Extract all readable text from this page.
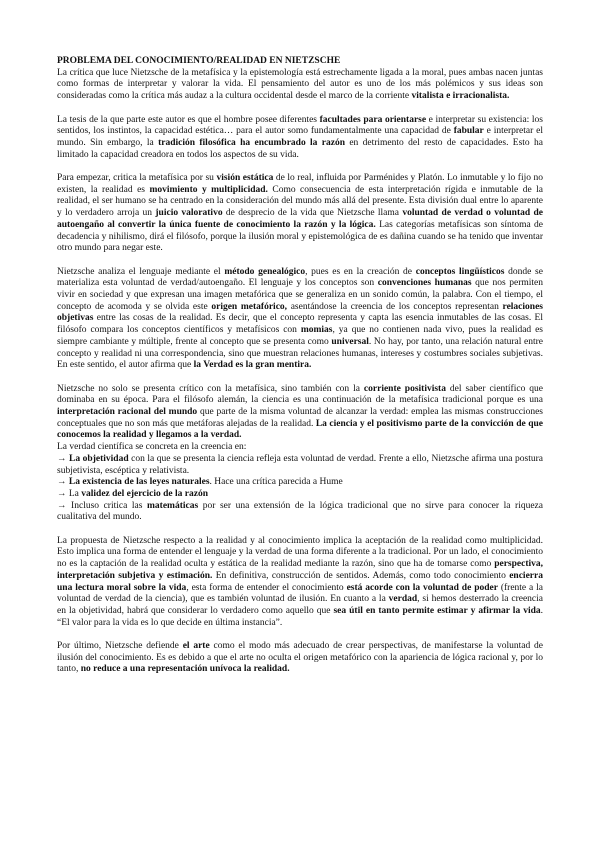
PROBLEMA DEL CONOCIMIENTO/REALIDAD EN NIETZSCHE

La crítica que luce Nietzsche de la metafísica y la epistemología está estrechamente ligada a la moral, pues ambas nacen juntas como formas de interpretar y valorar la vida. El pensamiento del autor es uno de los más polémicos y sus ideas son consideradas como la crítica más audaz a la cultura occidental desde el marco de la corriente vitalista e irracionalista.

La tesis de la que parte este autor es que el hombre posee diferentes facultades para orientarse e interpretar su existencia: los sentidos, los instintos, la capacidad estética… para el autor somo fundamentalmente una capacidad de fabular e interpretar el mundo. Sin embargo, la tradición filosófica ha encumbrado la razón en detrimento del resto de capacidades. Esto ha limitado la capacidad creadora en todos los aspectos de su vida.

Para empezar, critica la metafísica por su visión estática de lo real, influida por Parménides y Platón. Lo inmutable y lo fijo no existen, la realidad es movimiento y multiplicidad. Como consecuencia de esta interpretación rígida e inmutable de la realidad, el ser humano se ha centrado en la consideración del mundo más allá del presente. Esta división dual entre lo aparente y lo verdadero arroja un juicio valorativo de desprecio de la vida que Nietzsche llama voluntad de verdad o voluntad de autoengaño al convertir la única fuente de conocimiento la razón y la lógica. Las categorías metafísicas son síntoma de decadencia y nihilismo, dirá el filósofo, porque la ilusión moral y epistemológica de es dañina cuando se ha tenido que inventar otro mundo para negar este.

Nietzsche analiza el lenguaje mediante el método genealógico, pues es en la creación de conceptos lingüísticos donde se materializa esta voluntad de verdad/autoengaño. El lenguaje y los conceptos son convenciones humanas que nos permiten vivir en sociedad y que expresan una imagen metafórica que se generaliza en un sonido común, la palabra. Con el tiempo, el concepto de acomoda y se olvida este origen metafórico, asentándose la creencia de los conceptos representan relaciones objetivas entre las cosas de la realidad. Es decir, que el concepto representa y capta las esencia inmutables de las cosas. El filósofo compara los conceptos científicos y metafísicos con momias, ya que no contienen nada vivo, pues la realidad es siempre cambiante y múltiple, frente al concepto que se presenta como universal. No hay, por tanto, una relación natural entre concepto y realidad ni una correspondencia, sino que muestran relaciones humanas, intereses y costumbres sociales subjetivas. En este sentido, el autor afirma que la Verdad es la gran mentira.

Nietzsche no solo se presenta crítico con la metafísica, sino también con la corriente positivista del saber científico que dominaba en su época. Para el filósofo alemán, la ciencia es una continuación de la metafísica tradicional porque es una interpretación racional del mundo que parte de la misma voluntad de alcanzar la verdad: emplea las mismas construcciones conceptuales que no son más que metáforas alejadas de la realidad. La ciencia y el positivismo parte de la convicción de que conocemos la realidad y llegamos a la verdad.

La verdad científica se concreta en la creencia en:

→ La objetividad con la que se presenta la ciencia refleja esta voluntad de verdad. Frente a ello, Nietzsche afirma una postura subjetivista, escéptica y relativista.

→ La existencia de las leyes naturales. Hace una crítica parecida a Hume

→ La validez del ejercicio de la razón

→ Incluso critica las matemáticas por ser una extensión de la lógica tradicional que no sirve para conocer la riqueza cualitativa del mundo.

La propuesta de Nietzsche respecto a la realidad y al conocimiento implica la aceptación de la realidad como multiplicidad. Esto implica una forma de entender el lenguaje y la verdad de una forma diferente a la tradicional. Por un lado, el conocimiento no es la captación de la realidad oculta y estática de la realidad mediante la razón, sino que ha de tomarse como perspectiva, interpretación subjetiva y estimación. En definitiva, construcción de sentidos. Además, como todo conocimiento encierra una lectura moral sobre la vida, esta forma de entender el conocimiento está acorde con la voluntad de poder (frente a la voluntad de verdad de la ciencia), que es también voluntad de ilusión. En cuanto a la verdad, si hemos desterrado la creencia en la objetividad, habrá que considerar lo verdadero como aquello que sea útil en tanto permite estimar y afirmar la vida. “El valor para la vida es lo que decide en última instancia”.

Por último, Nietzsche defiende el arte como el modo más adecuado de crear perspectivas, de manifestarse la voluntad de ilusión del conocimiento. Es es debido a que el arte no oculta el origen metafórico con la apariencia de lógica racional y, por lo tanto, no reduce a una representación unívoca la realidad.
